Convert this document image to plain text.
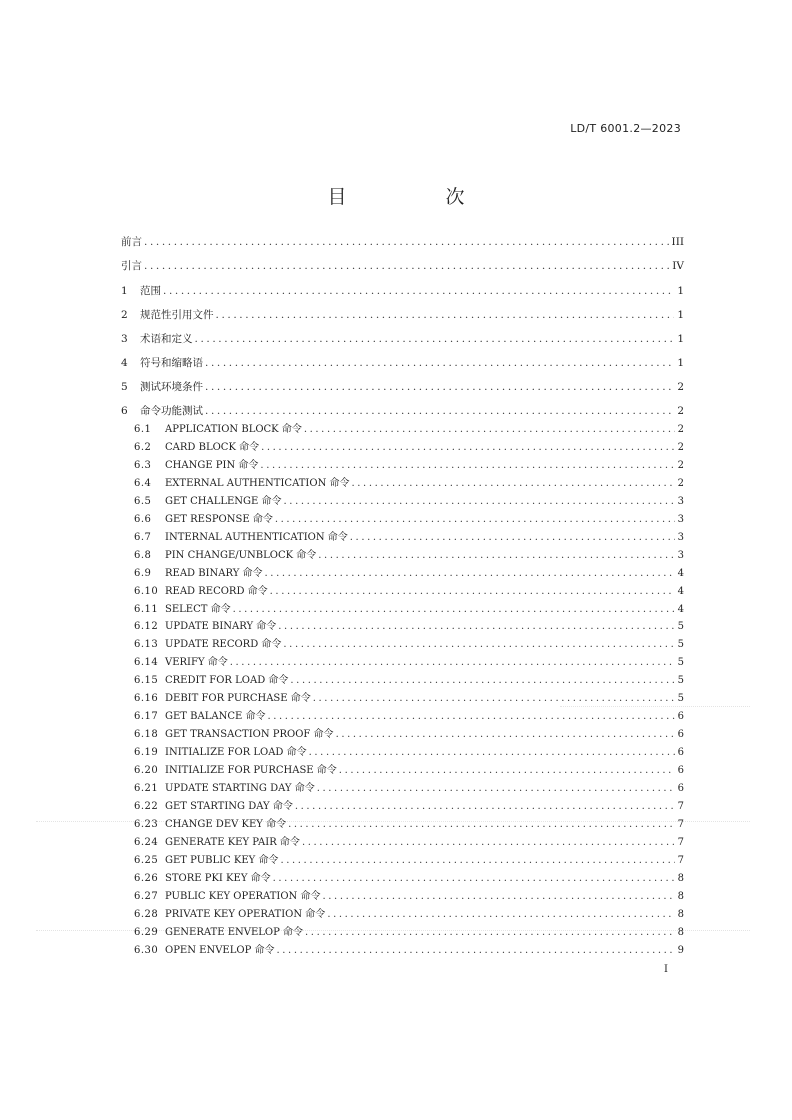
LD/T 6001.2—2023
目　次
前言 .....	III
引言 .....	IV
1 范围 .....	1
2 规范性引用文件 .....	1
3 术语和定义 .....	1
4 符号和缩略语 .....	1
5 测试环境条件 .....	2
6 命令功能测试 .....	2
6.1 APPLICATION BLOCK 命令 .....	2
6.2 CARD BLOCK 命令 .....	2
6.3 CHANGE PIN 命令 .....	2
6.4 EXTERNAL AUTHENTICATION 命令 .....	2
6.5 GET CHALLENGE 命令 .....	3
6.6 GET RESPONSE 命令 .....	3
6.7 INTERNAL AUTHENTICATION 命令 .....	3
6.8 PIN CHANGE/UNBLOCK 命令 .....	3
6.9 READ BINARY 命令 .....	4
6.10 READ RECORD 命令 .....	4
6.11 SELECT 命令 .....	4
6.12 UPDATE BINARY 命令 .....	5
6.13 UPDATE RECORD 命令 .....	5
6.14 VERIFY 命令 .....	5
6.15 CREDIT FOR LOAD 命令 .....	5
6.16 DEBIT FOR PURCHASE 命令 .....	5
6.17 GET BALANCE 命令 .....	6
6.18 GET TRANSACTION PROOF 命令 .....	6
6.19 INITIALIZE FOR LOAD 命令 .....	6
6.20 INITIALIZE FOR PURCHASE 命令 .....	6
6.21 UPDATE STARTING DAY 命令 .....	6
6.22 GET STARTING DAY 命令 .....	7
6.23 CHANGE DEV KEY 命令 .....	7
6.24 GENERATE KEY PAIR 命令 .....	7
6.25 GET PUBLIC KEY 命令 .....	7
6.26 STORE PKI KEY 命令 .....	8
6.27 PUBLIC KEY OPERATION 命令 .....	8
6.28 PRIVATE KEY OPERATION 命令 .....	8
6.29 GENERATE ENVELOP 命令 .....	8
6.30 OPEN ENVELOP 命令 .....	9
I
